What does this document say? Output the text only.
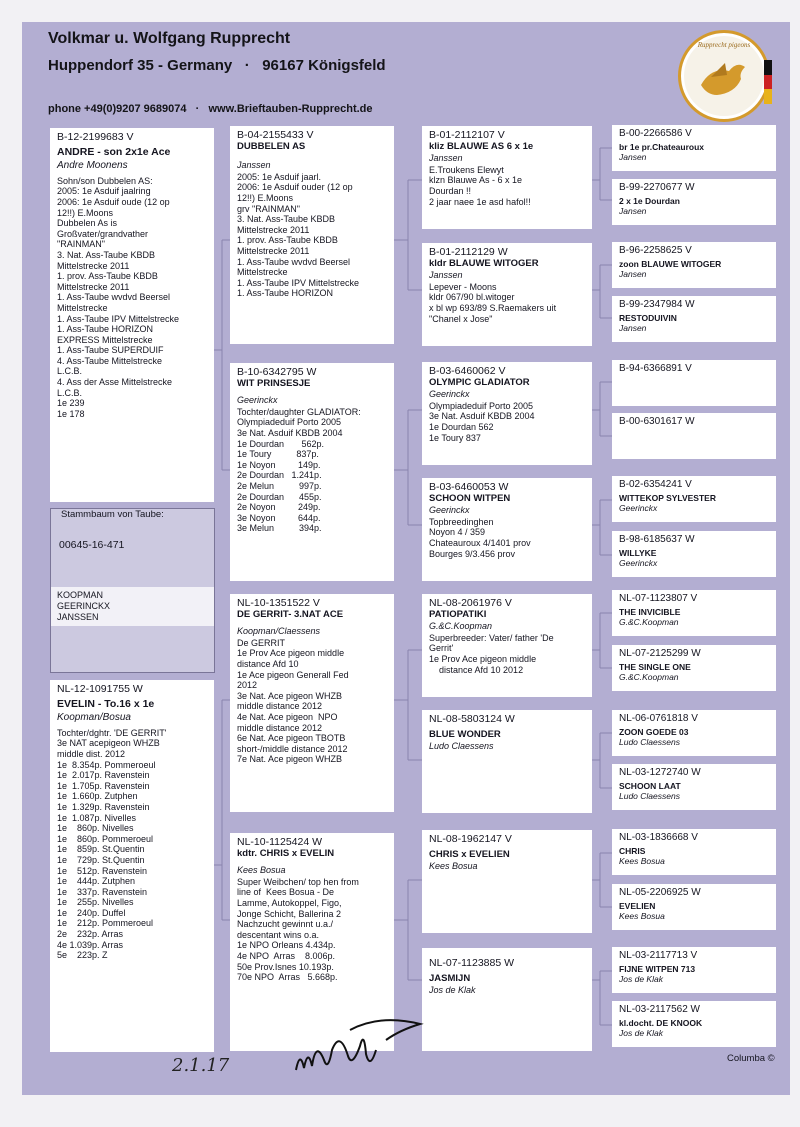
Volkmar u. Wolfgang Rupprecht
Huppendorf 35 - Germany   ·   96167 Königsfeld
phone +49(0)9207 9689074   ·   www.Brieftauben-Rupprecht.de
Rupprecht pigeons
B-12-2199683 V
ANDRE - son 2x1e Ace
Andre Moonens
Sohn/son Dubbelen AS:
2005: 1e Asduif jaalring
2006: 1e Asduif oude (12 op
12!!) E.Moons
Dubbelen As is
Großvater/grandvather
"RAINMAN"
3. Nat. Ass-Taube KBDB
Mittelstrecke 2011
1. prov. Ass-Taube KBDB
Mittelstrecke 2011
1. Ass-Taube wvdvd Beersel
Mittelstrecke
1. Ass-Taube IPV Mittelstrecke
1. Ass-Taube HORIZON
EXPRESS Mittelstrecke
1. Ass-Taube SUPERDUIF
4. Ass-Taube Mittelstrecke
L.C.B.
4. Ass der Asse Mittelstrecke
L.C.B.
1e 239
1e 178
Stammbaum von Taube:
00645-16-471
KOOPMAN
GEERINCKX
JANSSEN
NL-12-1091755 W
EVELIN - To.16 x 1e
Koopman/Bosua
Tochter/dghtr. 'DE GERRIT'
3e NAT acepigeon WHZB
middle dist. 2012
1e  8.354p. Pommeroeul
1e  2.017p. Ravenstein
1e  1.705p. Ravenstein
1e  1.660p. Zutphen
1e  1.329p. Ravenstein
1e  1.087p. Nivelles
1e    860p. Nivelles
1e    860p. Pommeroeul
1e    859p. St.Quentin
1e    729p. St.Quentin
1e    512p. Ravenstein
1e    444p. Zutphen
1e    337p. Ravenstein
1e    255p. Nivelles
1e    240p. Duffel
1e    212p. Pommeroeul
2e    232p. Arras
4e 1.039p. Arras
5e    223p. Z
B-04-2155433 V
DUBBELEN AS
Janssen
2005: 1e Asduif jaarl.
2006: 1e Asduif ouder (12 op
12!!) E.Moons
grv "RAINMAN"
3. Nat. Ass-Taube KBDB
Mittelstrecke 2011
1. prov. Ass-Taube KBDB
Mittelstrecke 2011
1. Ass-Taube wvdvd Beersel
Mittelstrecke
1. Ass-Taube IPV Mittelstrecke
1. Ass-Taube HORIZON
B-10-6342795 W
WIT PRINSESJE
Geerinckx
Tochter/daughter GLADIATOR:
Olympiadeduif Porto 2005
3e Nat. Asduif KBDB 2004
1e Dourdan       562p.
1e Toury          837p.
1e Noyon         149p.
2e Dourdan   1.241p.
2e Melun          997p.
2e Dourdan      455p.
2e Noyon         249p.
3e Noyon         644p.
3e Melun          394p.
NL-10-1351522 V
DE GERRIT- 3.NAT ACE
Koopman/Claessens
De GERRIT
1e Prov Ace pigeon middle
distance Afd 10
1e Ace pigeon Generall Fed
2012
3e Nat. Ace pigeon WHZB
middle distance 2012
4e Nat. Ace pigeon  NPO
middle distance 2012
6e Nat. Ace pigeon TBOTB
short-/middle distance 2012
7e Nat. Ace pigeon WHZB
NL-10-1125424 W
kdtr. CHRIS x EVELIN
Kees Bosua
Super Weibchen/ top hen from
line of  Kees Bosua - De
Lamme, Autokoppel, Figo,
Jonge Schicht, Ballerina 2
Nachzucht gewinnt u.a./
descentant wins o.a.
1e NPO Orleans 4.434p.
4e NPO  Arras    8.006p.
50e Prov.Isnes 10.193p.
70e NPO  Arras   5.668p.
B-01-2112107 V
kliz BLAUWE AS 6 x 1e
Janssen
E.Troukens Elewyt
klzn Blauwe As - 6 x 1e
Dourdan !!
2 jaar naee 1e asd hafol!!
B-01-2112129 W
kldr BLAUWE WITOGER
Janssen
Lepever - Moons
kldr 067/90 bl.witoger
x bl wp 693/89 S.Raemakers uit
"Chanel x Jose"
B-03-6460062 V
OLYMPIC GLADIATOR
Geerinckx
Olympiadeduif Porto 2005
3e Nat. Asduif KBDB 2004
1e Dourdan 562
1e Toury 837
B-03-6460053 W
SCHOON WITPEN
Geerinckx
Topbreedinghen
Noyon 4 / 359
Chateauroux 4/1401 prov
Bourges 9/3.456 prov
NL-08-2061976 V
PATIOPATIKI
G.&C.Koopman
Superbreeder: Vater/ father 'De
Gerrit'
1e Prov Ace pigeon middle
distance Afd 10 2012
NL-08-5803124 W
BLUE WONDER
Ludo Claessens
NL-08-1962147 V
CHRIS x EVELIEN
Kees Bosua
NL-07-1123885 W
JASMIJN
Jos de Klak
B-00-2266586 V
br 1e pr.Chateauroux
Jansen
B-99-2270677 W
2 x 1e Dourdan
Jansen
B-96-2258625 V
zoon BLAUWE WITOGER
Jansen
B-99-2347984 W
RESTODUIVIN
Jansen
B-94-6366891 V
B-00-6301617 W
B-02-6354241 V
WITTEKOP SYLVESTER
Geerinckx
B-98-6185637 W
WILLYKE
Geerinckx
NL-07-1123807 V
THE INVICIBLE
G.&C.Koopman
NL-07-2125299 W
THE SINGLE ONE
G.&C.Koopman
NL-06-0761818 V
ZOON GOEDE 03
Ludo Claessens
NL-03-1272740 W
SCHOON LAAT
Ludo Claessens
NL-03-1836668 V
CHRIS
Kees Bosua
NL-05-2206925 W
EVELIEN
Kees Bosua
NL-03-2117713 V
FIJNE WITPEN 713
Jos de Klak
NL-03-2117562 W
kl.docht. DE KNOOK
Jos de Klak
2.1.17	Columba ©
